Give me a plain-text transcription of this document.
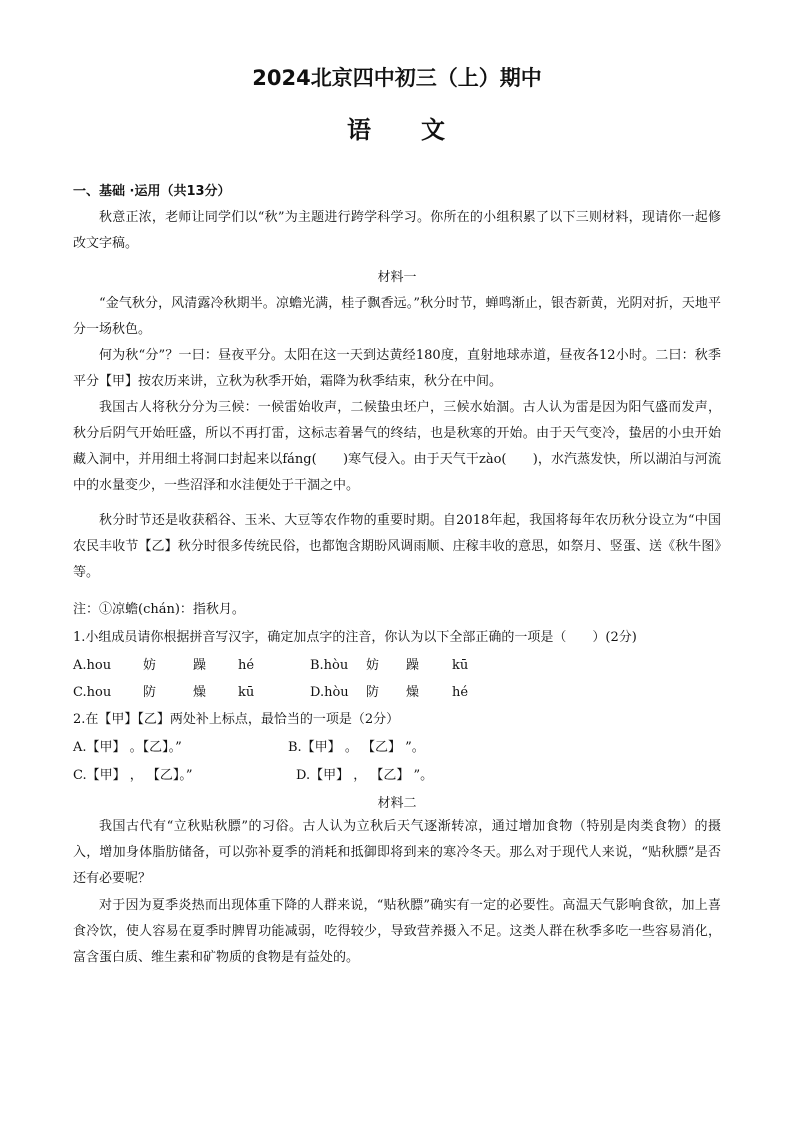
2024北京四中初三（上）期中
语 文
一、基础 ·运用（共13分）
秋意正浓，老师让同学们以“秋”为主题进行跨学科学习。你所在的小组积累了以下三则材料，现请你一起修改文字稿。
材料一
“金气秋分，风清露冷秋期半。凉蟾光满，桂子飘香远。”秋分时节，蝉鸣渐止，银杏新黄，光阴对折，天地平分一场秋色。
何为秋“分”？一曰：昼夜平分。太阳在这一天到达黄经180度，直射地球赤道，昼夜各12小时。二曰：秋季平分【甲】按农历来讲，立秋为秋季开始，霜降为秋季结束，秋分在中间。
我国古人将秋分分为三候：一候雷始收声，二候蛰虫坯户，三候水始涸。古人认为雷是因为阳气盛而发声，秋分后阴气开始旺盛，所以不再打雷，这标志着暑气的终结，也是秋寒的开始。由于天气变冷，蛰居的小虫开始藏入洞中，并用细土将洞口封起来以fáng(　　)寒气侵入。由于天气干zào(　　)，水汽蒸发快，所以湖泊与河流中的水量变少，一些沼泽和水洼便处于干涸之中。
秋分时节还是收获稻谷、玉米、大豆等农作物的重要时期。自2018年起，我国将每年农历秋分设立为“中国农民丰收节【乙】秋分时很多传统民俗，也都饱含期盼风调雨顺、庄稼丰收的意思，如祭月、竖蛋、送《秋牛图》等。
注：①凉蟾(chán)：指秋月。
1.小组成员请你根据拼音写汉字，确定加点字的注音，你认为以下全部正确的一项是（　　）(2分)
A.hou 妨	躁 hé	B.hòu 妨 躁	kū
C.hou 防	燥 kū	D.hòu 防 燥	hé
2.在【甲】【乙】两处补上标点，最恰当的一项是（2分）
A.【甲】 。【乙】。”	B.【甲】 。 【乙】 ”。
C.【甲】 ， 【乙】。”	D.【甲】 ， 【乙】 ”。
材料二
我国古代有“立秋贴秋膘”的习俗。古人认为立秋后天气逐渐转凉，通过增加食物（特别是肉类食物）的摄入，增加身体脂肪储备，可以弥补夏季的消耗和抵御即将到来的寒冷冬天。那么对于现代人来说，“贴秋膘”是否还有必要呢？
对于因为夏季炎热而出现体重下降的人群来说，“贴秋膘”确实有一定的必要性。高温天气影响食欲，加上喜食冷饮，使人容易在夏季时脾胃功能减弱，吃得较少，导致营养摄入不足。这类人群在秋季多吃一些容易消化，富含蛋白质、维生素和矿物质的食物是有益处的。
